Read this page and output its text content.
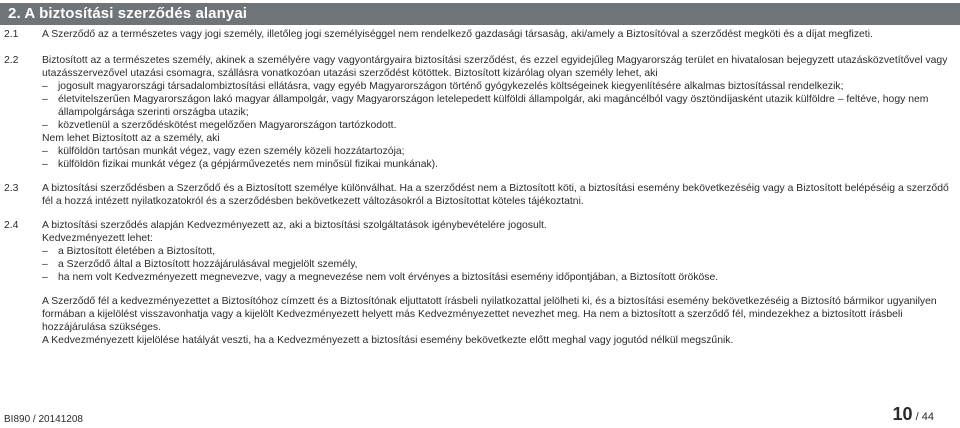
2. A biztosítási szerződés alanyai
2.1 A Szerződő az a természetes vagy jogi személy, illetőleg jogi személyiséggel nem rendelkező gazdasági társaság, aki/amely a Biztosítóval a szerződést megköti és a díjat megfizeti.

2.2 Biztosított az a természetes személy, akinek a személyére vagy vagyontárgyaira biztosítási szerződést, és ezzel egyidejűleg Magyarország terület en hivatalosan bejegyzett utazásközvetítővel vagy utazásszervezővel utazási csomagra, szállásra vonatkozóan utazási szerződést kötöttek. Biztosított kizárólag olyan személy lehet, aki

– jogosult magyarországi társadalombiztosítási ellátásra, vagy egyéb Magyarországon történő gyógykezelés költségeinek kiegyenlítésére alkalmas biztosítással rendelkezik;

– életvitelszerűen Magyarországon lakó magyar állampolgár, vagy Magyarországon letelepedett külföldi állampolgár, aki magáncélból vagy ösztöndíjasként utazik külföldre – feltéve, hogy nem állampolgársága szerinti országba utazik;

– közvetlenül a szerződéskötést megelőzően Magyarországon tartózkodott.

Nem lehet Biztosított az a személy, aki

– külföldön tartósan munkát végez, vagy ezen személy közeli hozzátartozója;

– külföldön fizikai munkát végez (a gépjárművezetés nem minősül fizikai munkának).

2.3 A biztosítási szerződésben a Szerződő és a Biztosított személye különválhat. Ha a szerződést nem a Biztosított köti, a biztosítási esemény bekövetkezéséig vagy a Biztosított belépéséig a szerződő fél a hozzá intézett nyilatkozatokról és a szerződésben bekövetkezett változásokról a Biztosítottat köteles tájékoztatni.

2.4 A biztosítási szerződés alapján Kedvezményezett az, aki a biztosítási szolgáltatások igénybevételére jogosult.

Kedvezményezett lehet:

– a Biztosított életében a Biztosított,

– a Szerződő által a Biztosított hozzájárulásával megjelölt személy,

– ha nem volt Kedvezményezett megnevezve, vagy a megnevezése nem volt érvényes a biztosítási esemény időpontjában, a Biztosított örököse.

A Szerződő fél a kedvezményezettet a Biztosítóhoz címzett és a Biztosítónak eljuttatott írásbeli nyilatkozattal jelölheti ki, és a biztosítási esemény bekövetkezéséig a Biztosító bármikor ugyanilyen formában a kijelölést visszavonhatja vagy a kijelölt Kedvezményezett helyett más Kedvezményezettet nevezhet meg. Ha nem a biztosított a szerződő fél, mindezekhez a biztosított írásbeli hozzájárulása szükséges.

A Kedvezményezett kijelölése hatályát veszti, ha a Kedvezményezett a biztosítási esemény bekövetkezte előtt meghal vagy jogutód nélkül megszűnik.

BI890 / 20141208	10 / 44
